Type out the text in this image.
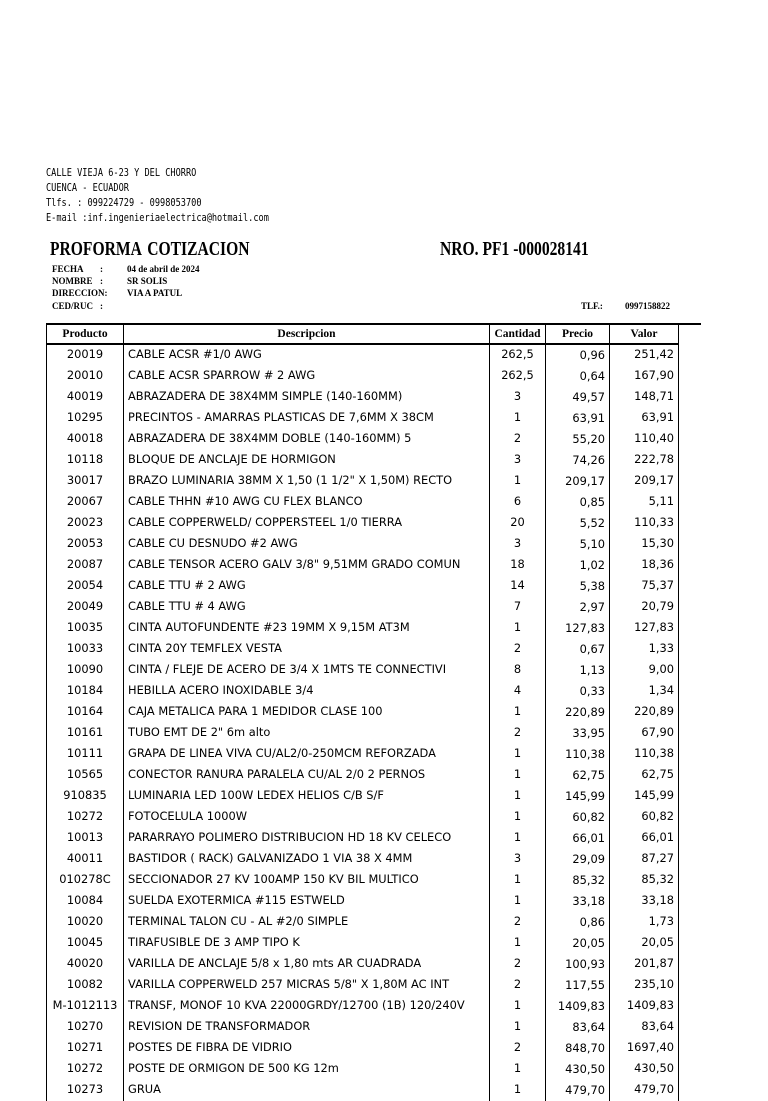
CALLE VIEJA 6-23 Y DEL CHORRO
CUENCA - ECUADOR
Tlfs. : 099224729 - 0998053700
E-mail :inf.ingenieriaelectrica@hotmail.com
PROFORMA COTIZACION	NRO. PF1 -000028141
FECHA :	04 de abril de 2024
NOMBRE :	SR SOLIS
DIRECCION: VIA A PATUL
CED/RUC :	TLF.: 0997158822
Producto	Descripcion	Cantidad	Precio	Valor
20019	CABLE ACSR #1/0 AWG	262,5	0,96	251,42
20010	CABLE ACSR SPARROW # 2 AWG	262,5	0,64	167,90
40019	ABRAZADERA DE 38X4MM SIMPLE (140-160MM)	3	49,57	148,71
10295	PRECINTOS - AMARRAS PLASTICAS DE 7,6MM X 38CM	1	63,91	63,91
40018	ABRAZADERA DE 38X4MM DOBLE (140-160MM) 5	2	55,20	110,40
10118	BLOQUE DE ANCLAJE DE HORMIGON	3	74,26	222,78
30017	BRAZO LUMINARIA 38MM X 1,50 (1 1/2" X 1,50M) RECTO	1	209,17	209,17
20067	CABLE THHN #10 AWG CU FLEX BLANCO	6	0,85	5,11
20023	CABLE COPPERWELD/ COPPERSTEEL 1/0 TIERRA	20	5,52	110,33
20053	CABLE CU DESNUDO #2 AWG	3	5,10	15,30
20087	CABLE TENSOR ACERO GALV 3/8" 9,51MM GRADO COMUN	18	1,02	18,36
20054	CABLE TTU # 2 AWG	14	5,38	75,37
20049	CABLE TTU # 4 AWG	7	2,97	20,79
10035	CINTA AUTOFUNDENTE #23 19MM X 9,15M AT3M	1	127,83	127,83
10033	CINTA 20Y TEMFLEX VESTA	2	0,67	1,33
10090	CINTA / FLEJE DE ACERO DE 3/4 X 1MTS TE CONNECTIVI	8	1,13	9,00
10184	HEBILLA ACERO INOXIDABLE 3/4	4	0,33	1,34
10164	CAJA METALICA PARA 1 MEDIDOR CLASE 100	1	220,89	220,89
10161	TUBO EMT DE 2" 6m alto	2	33,95	67,90
10111	GRAPA DE LINEA VIVA CU/AL2/0-250MCM REFORZADA	1	110,38	110,38
10565	CONECTOR RANURA PARALELA CU/AL 2/0 2 PERNOS	1	62,75	62,75
910835	LUMINARIA LED 100W LEDEX HELIOS C/B S/F	1	145,99	145,99
10272	FOTOCELULA 1000W	1	60,82	60,82
10013	PARARRAYO POLIMERO DISTRIBUCION HD 18 KV CELECO	1	66,01	66,01
40011	BASTIDOR ( RACK) GALVANIZADO 1 VIA 38 X 4MM	3	29,09	87,27
010278C	SECCIONADOR 27 KV 100AMP 150 KV BIL MULTICO	1	85,32	85,32
10084	SUELDA EXOTERMICA #115 ESTWELD	1	33,18	33,18
10020	TERMINAL TALON CU - AL #2/0 SIMPLE	2	0,86	1,73
10045	TIRAFUSIBLE DE 3 AMP TIPO K	1	20,05	20,05
40020	VARILLA DE ANCLAJE 5/8 x 1,80 mts AR CUADRADA	2	100,93	201,87
10082	VARILLA COPPERWELD 257 MICRAS 5/8" X 1,80M AC INT	2	117,55	235,10
M-1012113	TRANSF, MONOF 10 KVA 22000GRDY/12700 (1B) 120/240V	1	1409,83	1409,83
10270	REVISION DE TRANSFORMADOR	1	83,64	83,64
10271	POSTES DE FIBRA DE VIDRIO	2	848,70	1697,40
10272	POSTE DE ORMIGON DE 500 KG 12m	1	430,50	430,50
10273	GRUA	1	479,70	479,70
